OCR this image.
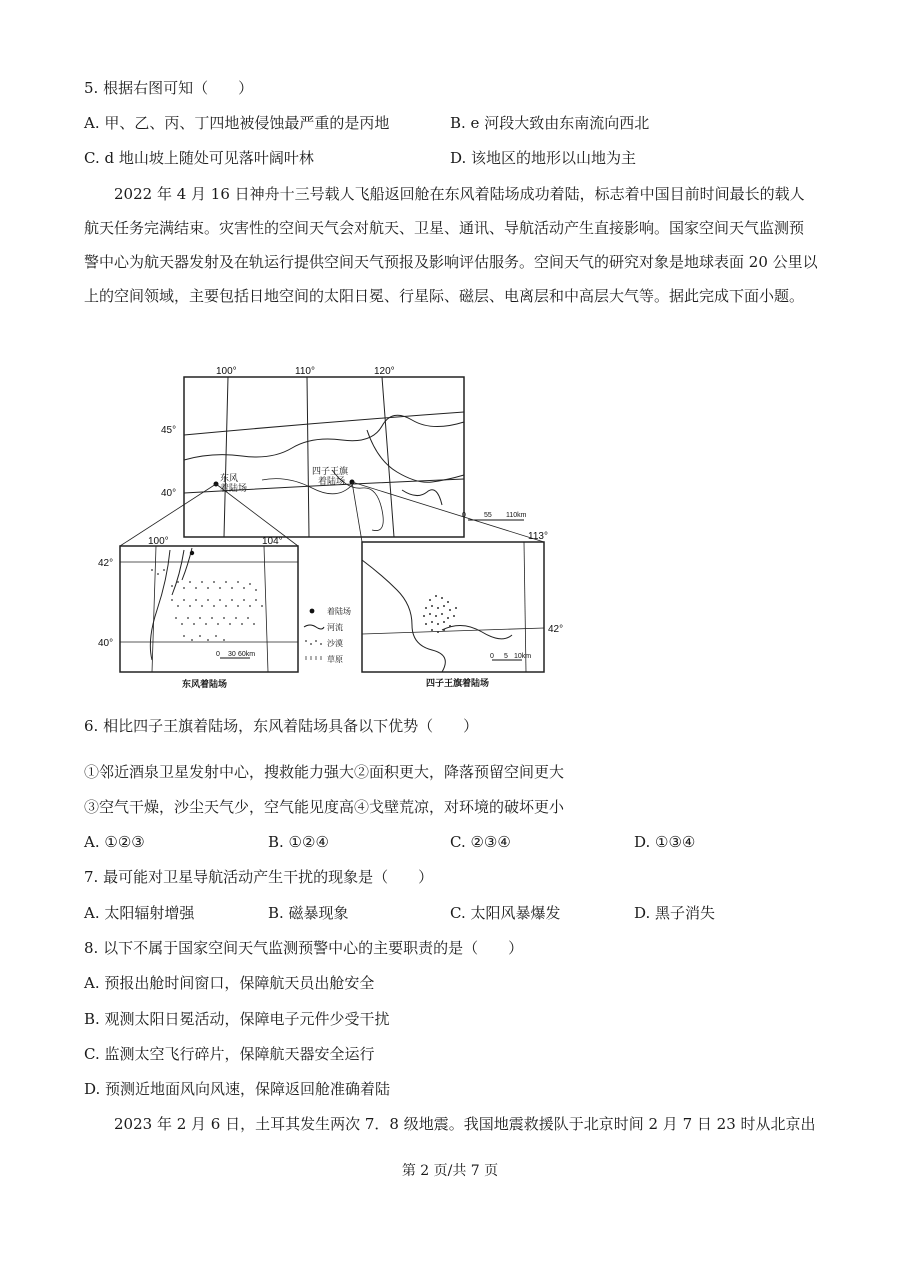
5. 根据右图可知（　　）
A. 甲、乙、丙、丁四地被侵蚀最严重的是丙地	B. e 河段大致由东南流向西北
C. d 地山坡上随处可见落叶阔叶林	D. 该地区的地形以山地为主
2022 年 4 月 16 日神舟十三号载人飞船返回舱在东风着陆场成功着陆，标志着中国目前时间最长的载人航天任务完满结束。灾害性的空间天气会对航天、卫星、通讯、导航活动产生直接影响。国家空间天气监测预警中心为航天器发射及在轨运行提供空间天气预报及影响评估服务。空间天气的研究对象是地球表面 20 公里以上的空间领域，主要包括日地空间的太阳日冕、行星际、磁层、电离层和中高层大气等。据此完成下面小题。
100°	110°	120°
45°
40°
东风
着陆场
四子王旗
着陆场
0	55 110km
100°	104°
42°
40°
0 30 60km
东风着陆场
着陆场
河流
沙漠
草原
113°
42°
0 5 10km
四子王旗着陆场
6. 相比四子王旗着陆场，东风着陆场具备以下优势（　　）
①邻近酒泉卫星发射中心，搜救能力强大②面积更大，降落预留空间更大
③空气干燥，沙尘天气少，空气能见度高④戈壁荒凉，对环境的破坏更小
A. ①②③	B. ①②④	C. ②③④	D. ①③④
7. 最可能对卫星导航活动产生干扰的现象是（　　）
A. 太阳辐射增强	B. 磁暴现象	C. 太阳风暴爆发	D. 黑子消失
8. 以下不属于国家空间天气监测预警中心的主要职责的是（　　）
A. 预报出舱时间窗口，保障航天员出舱安全
B. 观测太阳日冕活动，保障电子元件少受干扰
C. 监测太空飞行碎片，保障航天器安全运行
D. 预测近地面风向风速，保障返回舱准确着陆
2023 年 2 月 6 日，土耳其发生两次 7．8 级地震。我国地震救援队于北京时间 2 月 7 日 23 时从北京出
第 2 页/共 7 页
